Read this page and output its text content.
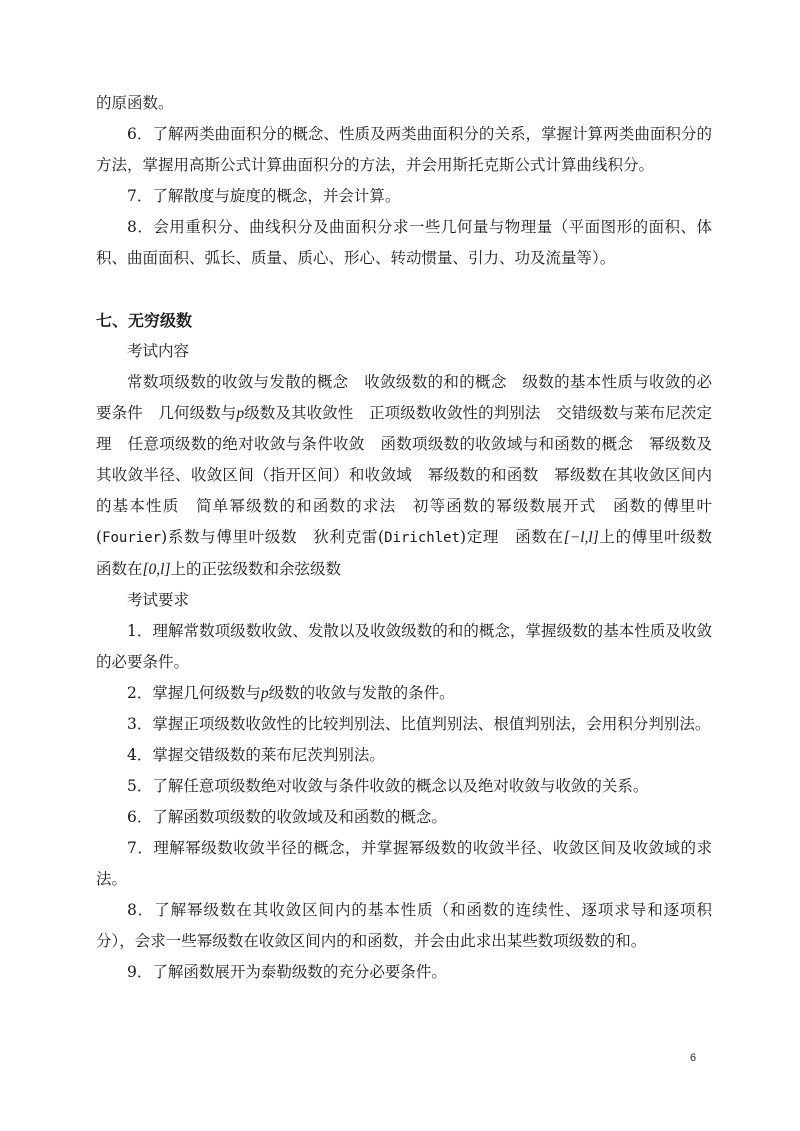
的原函数。

6．了解两类曲面积分的概念、性质及两类曲面积分的关系，掌握计算两类曲面积分的方法，掌握用高斯公式计算曲面积分的方法，并会用斯托克斯公式计算曲线积分。

7．了解散度与旋度的概念，并会计算。

8．会用重积分、曲线积分及曲面积分求一些几何量与物理量（平面图形的面积、体积、曲面面积、弧长、质量、质心、形心、转动惯量、引力、功及流量等）。

七、无穷级数

考试内容

常数项级数的收敛与发散的概念　收敛级数的和的概念　级数的基本性质与收敛的必要条件　几何级数与p级数及其收敛性　正项级数收敛性的判别法　交错级数与莱布尼茨定理　任意项级数的绝对收敛与条件收敛　函数项级数的收敛域与和函数的概念　幂级数及其收敛半径、收敛区间（指开区间）和收敛域　幂级数的和函数　幂级数在其收敛区间内的基本性质　简单幂级数的和函数的求法　初等函数的幂级数展开式　函数的傅里叶(Fourier)系数与傅里叶级数　狄利克雷(Dirichlet)定理　函数在[−l,l]上的傅里叶级数　函数在[0,l]上的正弦级数和余弦级数

考试要求

1．理解常数项级数收敛、发散以及收敛级数的和的概念，掌握级数的基本性质及收敛的必要条件。

2．掌握几何级数与p级数的收敛与发散的条件。

3．掌握正项级数收敛性的比较判别法、比值判别法、根值判别法，会用积分判别法。

4．掌握交错级数的莱布尼茨判别法。

5．了解任意项级数绝对收敛与条件收敛的概念以及绝对收敛与收敛的关系。

6．了解函数项级数的收敛域及和函数的概念。

7．理解幂级数收敛半径的概念，并掌握幂级数的收敛半径、收敛区间及收敛域的求法。

8．了解幂级数在其收敛区间内的基本性质（和函数的连续性、逐项求导和逐项积分），会求一些幂级数在收敛区间内的和函数，并会由此求出某些数项级数的和。

9．了解函数展开为泰勒级数的充分必要条件。

6
